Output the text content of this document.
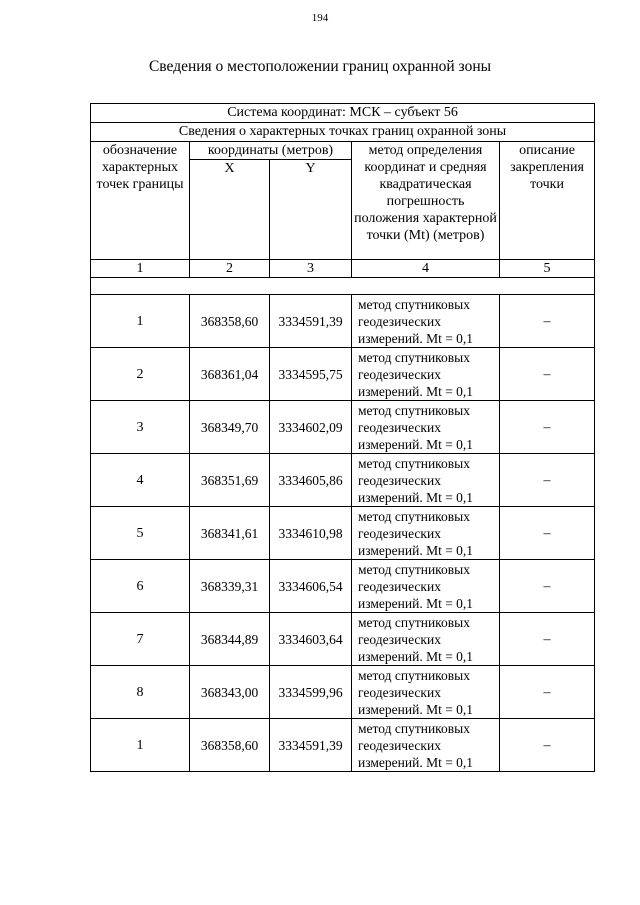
194
Сведения о местоположении границ охранной зоны
Система координат: МСК – субъект 56				
Сведения о характерных точках границ охранной зоны				
обозначение характерных точек границы	координаты (метров)		метод определения координат и средняя квадратическая погрешность положения характерной точки (Mt) (метров)	описание закрепления точки
	X	Y		
1	2	3	4	5

1	368358,60	3334591,39	метод спутниковых геодезических измерений. Mt = 0,1	–
2	368361,04	3334595,75	метод спутниковых геодезических измерений. Mt = 0,1	–
3	368349,70	3334602,09	метод спутниковых геодезических измерений. Mt = 0,1	–
4	368351,69	3334605,86	метод спутниковых геодезических измерений. Mt = 0,1	–
5	368341,61	3334610,98	метод спутниковых геодезических измерений. Mt = 0,1	–
6	368339,31	3334606,54	метод спутниковых геодезических измерений. Mt = 0,1	–
7	368344,89	3334603,64	метод спутниковых геодезических измерений. Mt = 0,1	–
8	368343,00	3334599,96	метод спутниковых геодезических измерений. Mt = 0,1	–
1	368358,60	3334591,39	метод спутниковых геодезических измерений. Mt = 0,1	–
